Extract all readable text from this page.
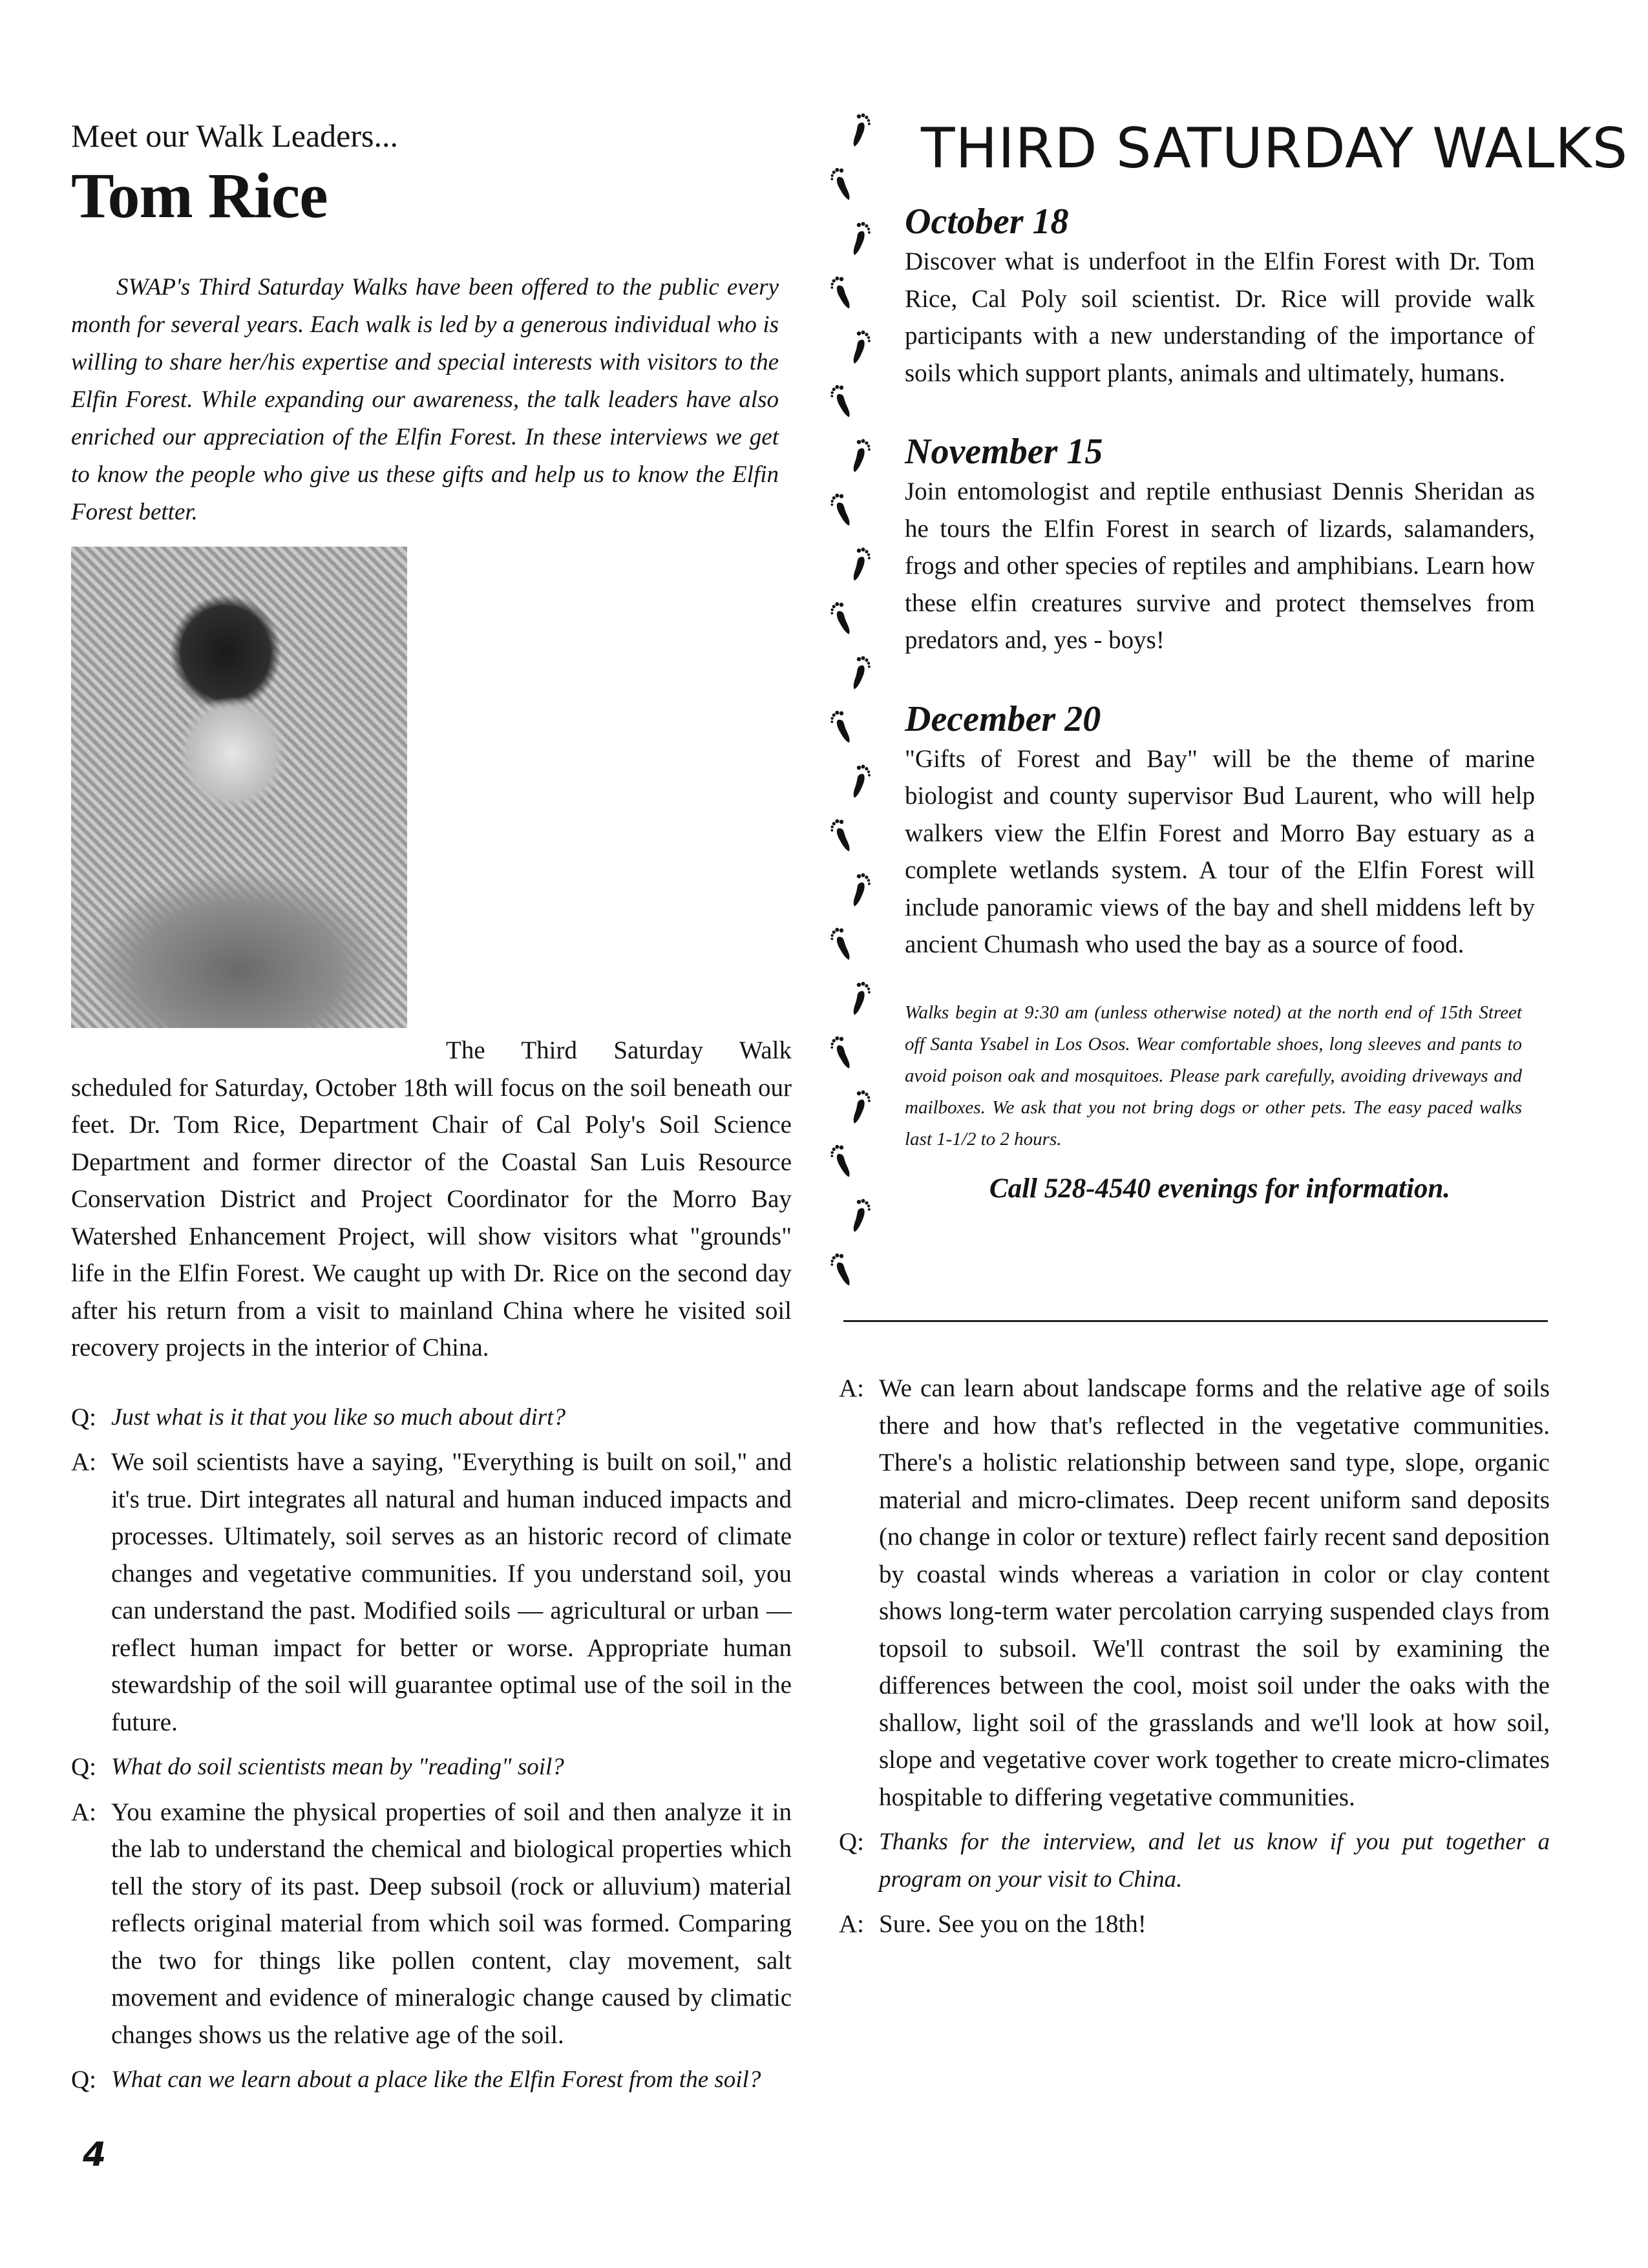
Meet our Walk Leaders...
Tom Rice

SWAP's Third Saturday Walks have been offered to the public every month for several years. Each walk is led by a generous individual who is willing to share her/his expertise and special interests with visitors to the Elfin Forest. While expanding our awareness, the talk leaders have also enriched our appreciation of the Elfin Forest. In these interviews we get to know the people who give us these gifts and help us to know the Elfin Forest better.

The Third Saturday Walk scheduled for Saturday, October 18th will focus on the soil beneath our feet. Dr. Tom Rice, Department Chair of Cal Poly's Soil Science Department and former director of the Coastal San Luis Resource Conservation District and Project Coordinator for the Morro Bay Watershed Enhancement Project, will show visitors what "grounds" life in the Elfin Forest. We caught up with Dr. Rice on the second day after his return from a visit to mainland China where he visited soil recovery projects in the interior of China.
Q: Just what is it that you like so much about dirt?
A: We soil scientists have a saying, "Everything is built on soil," and it's true. Dirt integrates all natural and human induced impacts and processes. Ultimately, soil serves as an historic record of climate changes and vegetative communities. If you understand soil, you can understand the past. Modified soils — agricultural or urban — reflect human impact for better or worse. Appropriate human stewardship of the soil will guarantee optimal use of the soil in the future.
Q: What do soil scientists mean by "reading" soil?
A: You examine the physical properties of soil and then analyze it in the lab to understand the chemical and biological properties which tell the story of its past. Deep subsoil (rock or alluvium) material reflects original material from which soil was formed. Comparing the two for things like pollen content, clay movement, salt movement and evidence of mineralogic change caused by climatic changes shows us the relative age of the soil.
Q: What can we learn about a place like the Elfin Forest from the soil?
4
THIRD SATURDAY WALKS
October 18

Discover what is underfoot in the Elfin Forest with Dr. Tom Rice, Cal Poly soil scientist. Dr. Rice will provide walk participants with a new understanding of the importance of soils which support plants, animals and ultimately, humans.

November 15

Join entomologist and reptile enthusiast Dennis Sheridan as he tours the Elfin Forest in search of lizards, salamanders, frogs and other species of reptiles and amphibians. Learn how these elfin creatures survive and protect themselves from predators and, yes - boys!

December 20

"Gifts of Forest and Bay" will be the theme of marine biologist and county supervisor Bud Laurent, who will help walkers view the Elfin Forest and Morro Bay estuary as a complete wetlands system. A tour of the Elfin Forest will include panoramic views of the bay and shell middens left by ancient Chumash who used the bay as a source of food.

Walks begin at 9:30 am (unless otherwise noted) at the north end of 15th Street off Santa Ysabel in Los Osos. Wear comfortable shoes, long sleeves and pants to avoid poison oak and mosquitoes. Please park carefully, avoiding driveways and mailboxes. We ask that you not bring dogs or other pets. The easy paced walks last 1-1/2 to 2 hours.

Call 528-4540 evenings for information.
A: We can learn about landscape forms and the relative age of soils there and how that's reflected in the vegetative communities. There's a holistic relationship between sand type, slope, organic material and micro-climates. Deep recent uniform sand deposits (no change in color or texture) reflect fairly recent sand deposition by coastal winds whereas a variation in color or clay content shows long-term water percolation carrying suspended clays from topsoil to subsoil. We'll contrast the soil by examining the differences between the cool, moist soil under the oaks with the shallow, light soil of the grasslands and we'll look at how soil, slope and vegetative cover work together to create micro-climates hospitable to differing vegetative communities.
Q: Thanks for the interview, and let us know if you put together a program on your visit to China.
A: Sure. See you on the 18th!
